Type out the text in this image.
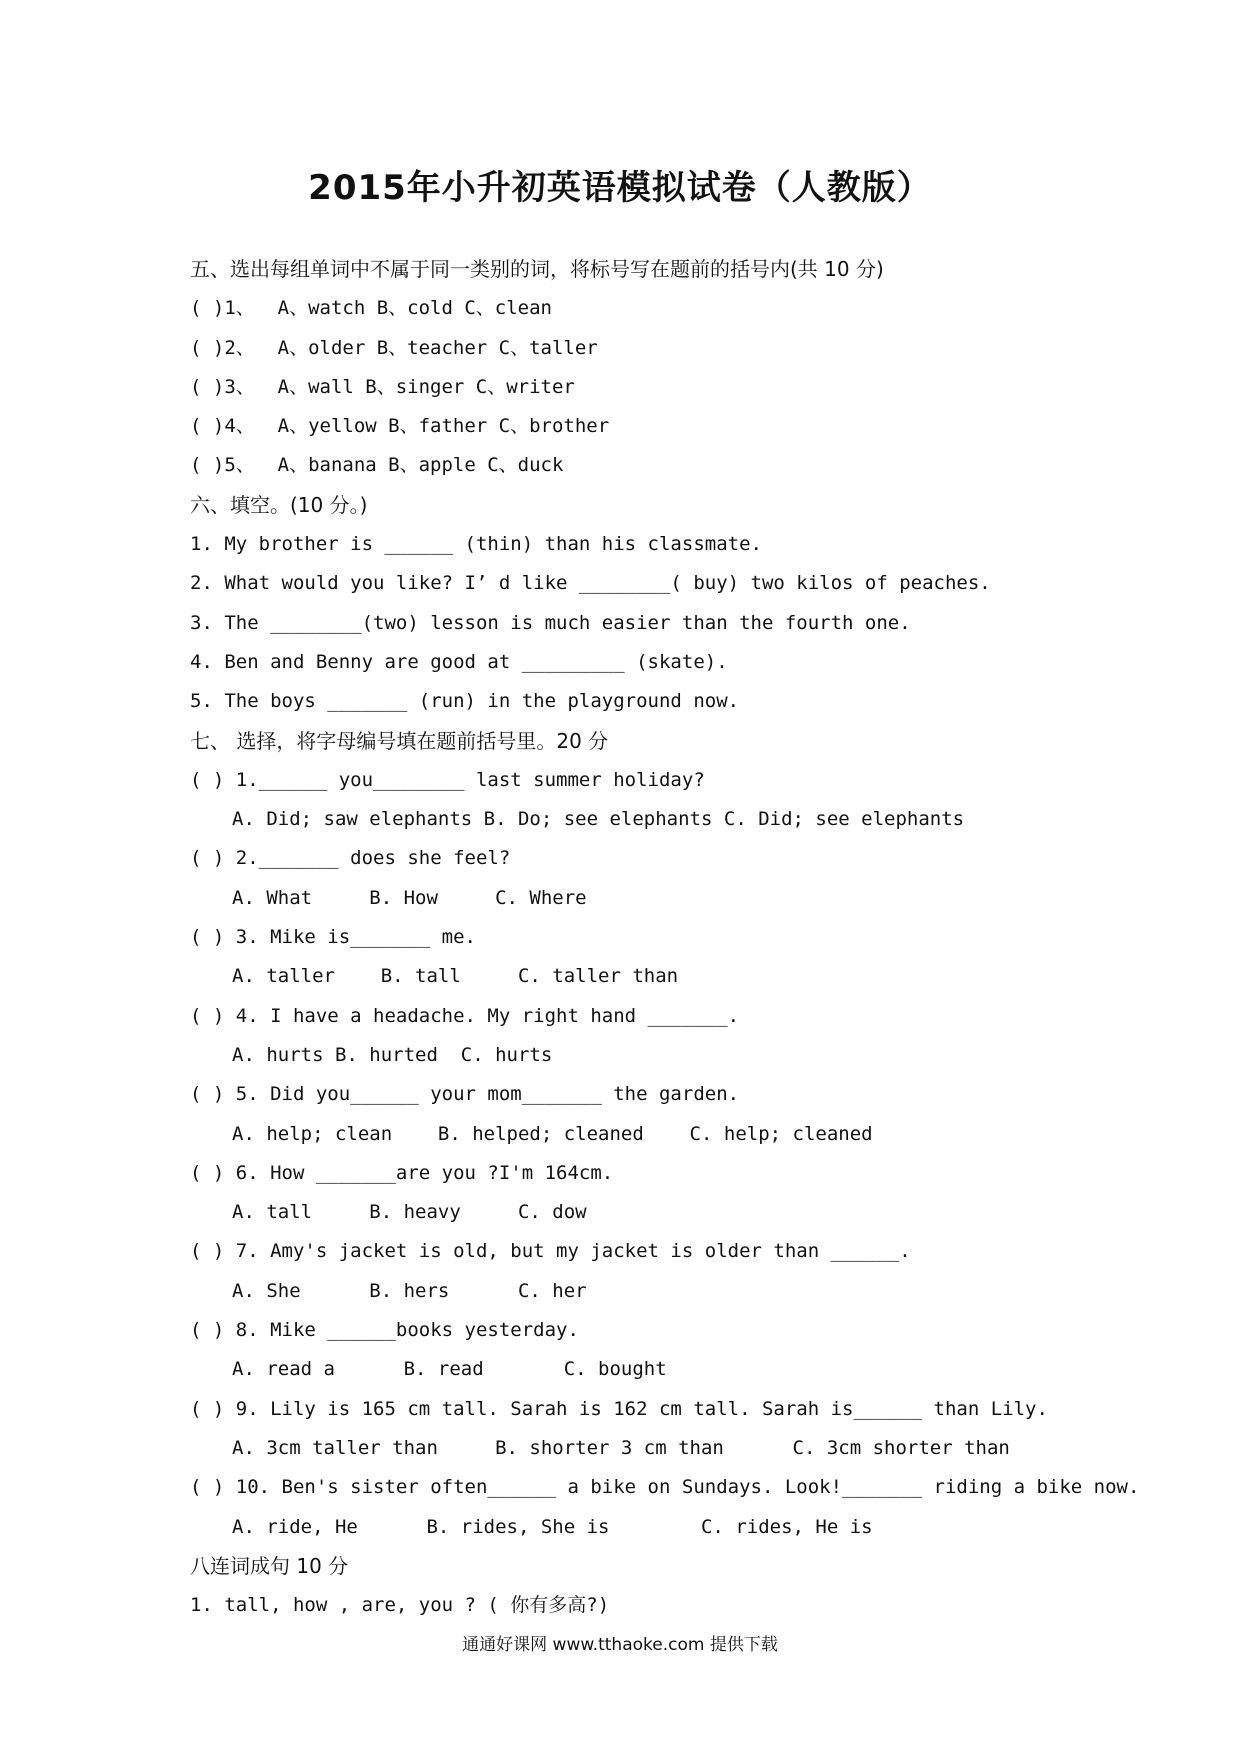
2015年小升初英语模拟试卷（人教版）
五、选出每组单词中不属于同一类别的词，将标号写在题前的括号内(共 10 分)
( )1、  A、watch B、cold C、clean
( )2、  A、older B、teacher C、taller
( )3、  A、wall B、singer C、writer
( )4、  A、yellow B、father C、brother
( )5、  A、banana B、apple C、duck
六、填空。(10 分。)
1. My brother is ______ (thin) than his classmate.
2. What would you like? I’ d like ________( buy) two kilos of peaches.
3. The ________(two) lesson is much easier than the fourth one.
4. Ben and Benny are good at _________ (skate).
5. The boys _______ (run) in the playground now.
七、 选择，将字母编号填在题前括号里。20 分
( ) 1.______ you________ last summer holiday?
A. Did; saw elephants B. Do; see elephants C. Did; see elephants
( ) 2._______ does she feel?
A. What     B. How     C. Where
( ) 3. Mike is_______ me.
A. taller    B. tall     C. taller than
( ) 4. I have a headache. My right hand _______.
A. hurts B. hurted  C. hurts
( ) 5. Did you______ your mom_______ the garden.
A. help; clean    B. helped; cleaned    C. help; cleaned
( ) 6. How _______are you ?I'm 164cm.
A. tall     B. heavy     C. dow
( ) 7. Amy's jacket is old, but my jacket is older than ______.
A. She      B. hers      C. her
( ) 8. Mike ______books yesterday.
A. read a      B. read       C. bought
( ) 9. Lily is 165 cm tall. Sarah is 162 cm tall. Sarah is______ than Lily.
A. 3cm taller than     B. shorter 3 cm than      C. 3cm shorter than
( ) 10. Ben's sister often______ a bike on Sundays. Look!_______ riding a bike now.
A. ride, He      B. rides, She is        C. rides, He is
八连词成句 10 分
1. tall, how , are, you ? ( 你有多高?)
通通好课网 www.tthaoke.com 提供下载
